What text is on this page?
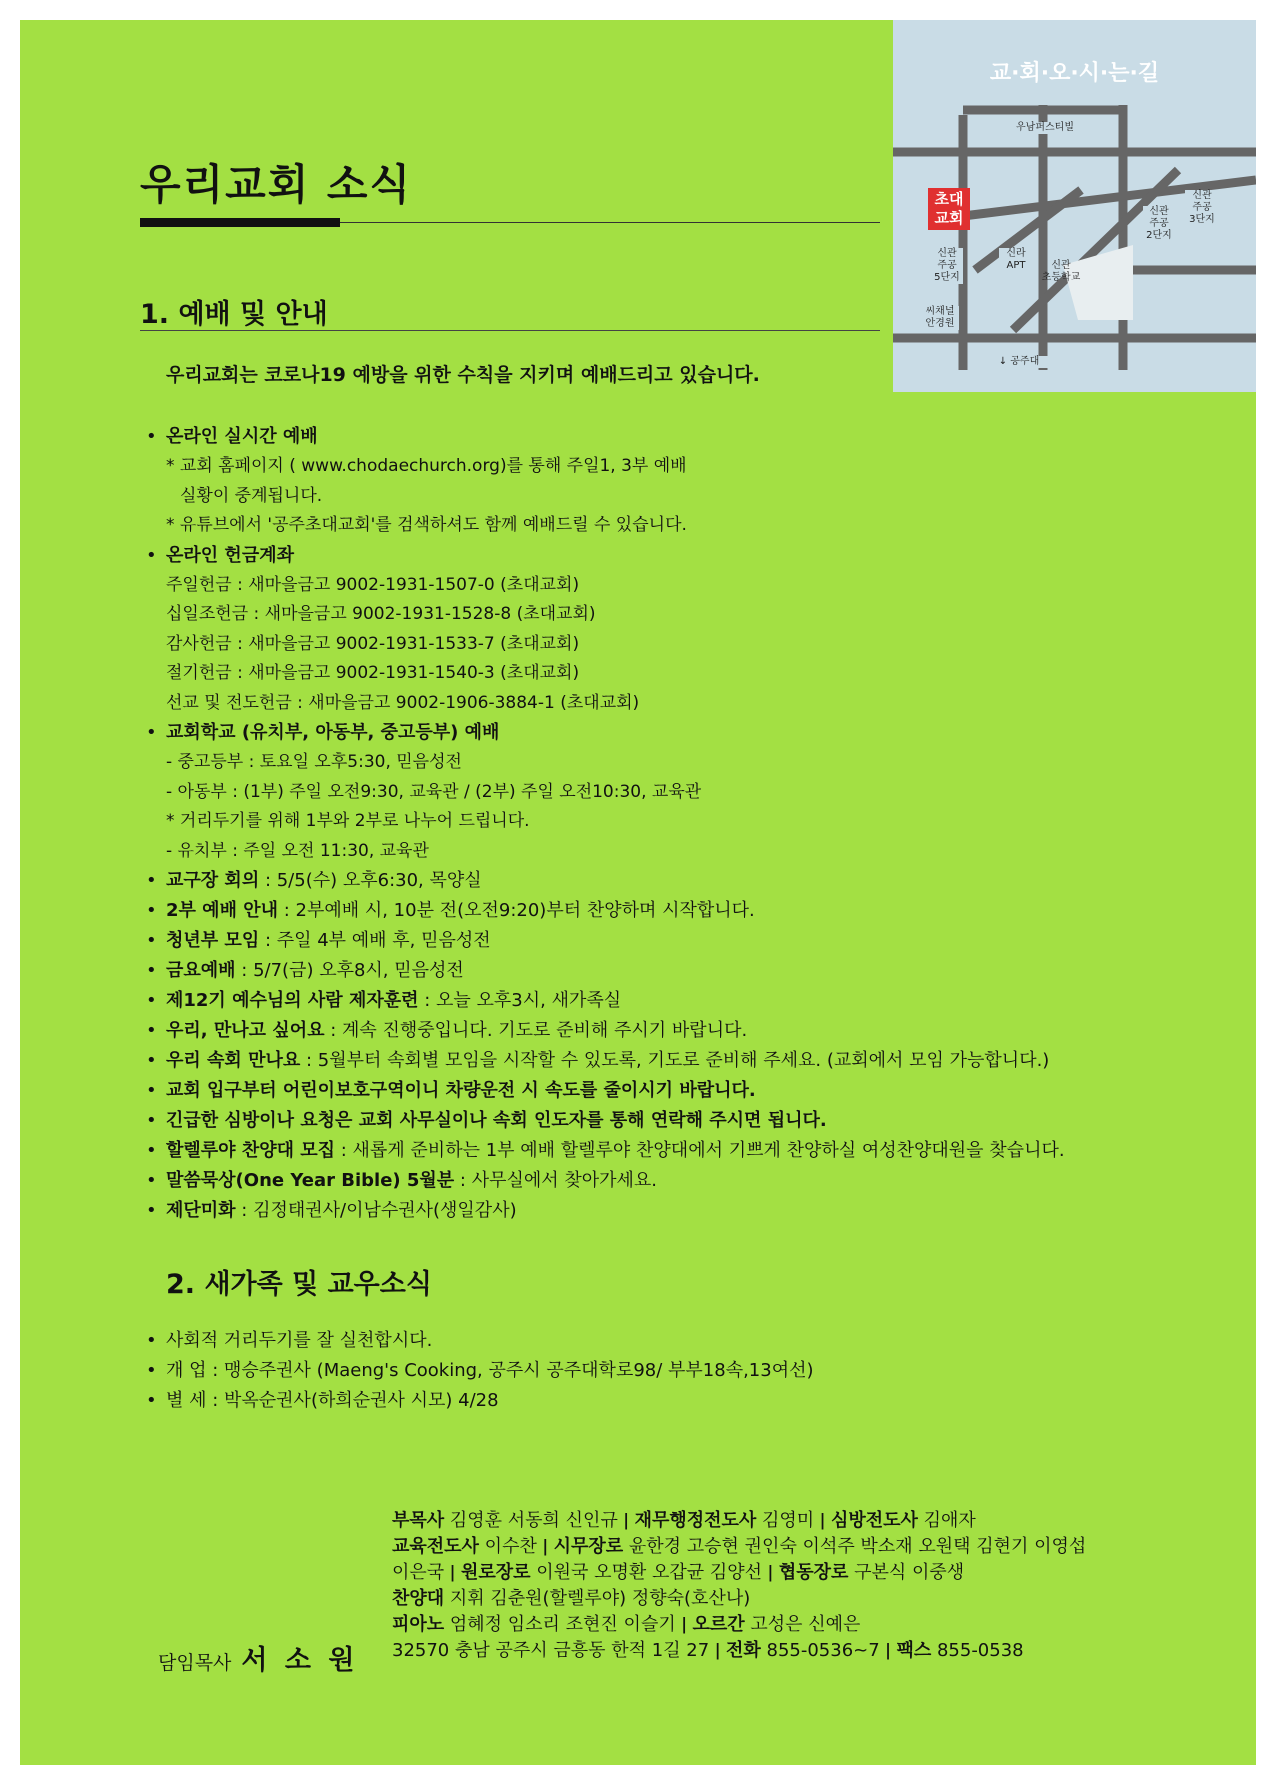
우리교회 소식
교·회·오·시·는·길
초대
교회
우남퍼스티빌
신관
주공
5단지
신라
APT	신관
초등학교
신관
주공
2단지
신관
주공
3단지
씨채널
안경원
↓ 공주대
1. 예배 및 안내
우리교회는 코로나19 예방을 위한 수칙을 지키며 예배드리고 있습니다.
• 온라인 실시간 예배
* 교회 홈페이지 ( www.chodaechurch.org)를 통해 주일1, 3부 예배
실황이 중계됩니다.
* 유튜브에서 '공주초대교회'를 검색하셔도 함께 예배드릴 수 있습니다.
• 온라인 헌금계좌
주일헌금 : 새마을금고 9002-1931-1507-0 (초대교회)
십일조헌금 : 새마을금고 9002-1931-1528-8 (초대교회)
감사헌금 : 새마을금고 9002-1931-1533-7 (초대교회)
절기헌금 : 새마을금고 9002-1931-1540-3 (초대교회)
선교 및 전도헌금 : 새마을금고 9002-1906-3884-1 (초대교회)
• 교회학교 (유치부, 아동부, 중고등부) 예배
- 중고등부 : 토요일 오후5:30, 믿음성전
- 아동부 : (1부) 주일 오전9:30, 교육관 / (2부) 주일 오전10:30, 교육관
* 거리두기를 위해 1부와 2부로 나누어 드립니다.
- 유치부 : 주일 오전 11:30, 교육관
• 교구장 회의 : 5/5(수) 오후6:30, 목양실
• 2부 예배 안내 : 2부예배 시, 10분 전(오전9:20)부터 찬양하며 시작합니다.
• 청년부 모임 : 주일 4부 예배 후, 믿음성전
• 금요예배 : 5/7(금) 오후8시, 믿음성전
• 제12기 예수님의 사람 제자훈련 : 오늘 오후3시, 새가족실
• 우리, 만나고 싶어요 : 계속 진행중입니다. 기도로 준비해 주시기 바랍니다.
• 우리 속회 만나요 : 5월부터 속회별 모임을 시작할 수 있도록, 기도로 준비해 주세요. (교회에서 모임 가능합니다.)
• 교회 입구부터 어린이보호구역이니 차량운전 시 속도를 줄이시기 바랍니다.
• 긴급한 심방이나 요청은 교회 사무실이나 속회 인도자를 통해 연락해 주시면 됩니다.
• 할렐루야 찬양대 모집 : 새롭게 준비하는 1부 예배 할렐루야 찬양대에서 기쁘게 찬양하실 여성찬양대원을 찾습니다.
• 말씀묵상(One Year Bible) 5월분 : 사무실에서 찾아가세요.
• 제단미화 : 김정태권사/이남수권사(생일감사)
2. 새가족 및 교우소식
• 사회적 거리두기를 잘 실천합시다.
• 개 업 : 맹승주권사 (Maeng's Cooking, 공주시 공주대학로98/ 부부18속,13여선)
• 별 세 : 박옥순권사(하희순권사 시모) 4/28
부목사 김영훈 서동희 신인규 ǀ 재무행정전도사 김영미 ǀ 심방전도사 김애자
교육전도사 이수찬 ǀ 시무장로 윤한경 고승현 권인숙 이석주 박소재 오원택 김현기 이영섭
이은국 ǀ 원로장로 이원국 오명환 오갑균 김양선 ǀ 협동장로 구본식 이중생
찬양대 지휘 김춘원(할렐루야) 정향숙(호산나)
피아노 엄혜정 임소리 조현진 이슬기 ǀ 오르간 고성은 신예은
32570 충남 공주시 금흥동 한적 1길 27 ǀ 전화 855-0536~7 ǀ 팩스 855-0538
담임목사 서 소 원
